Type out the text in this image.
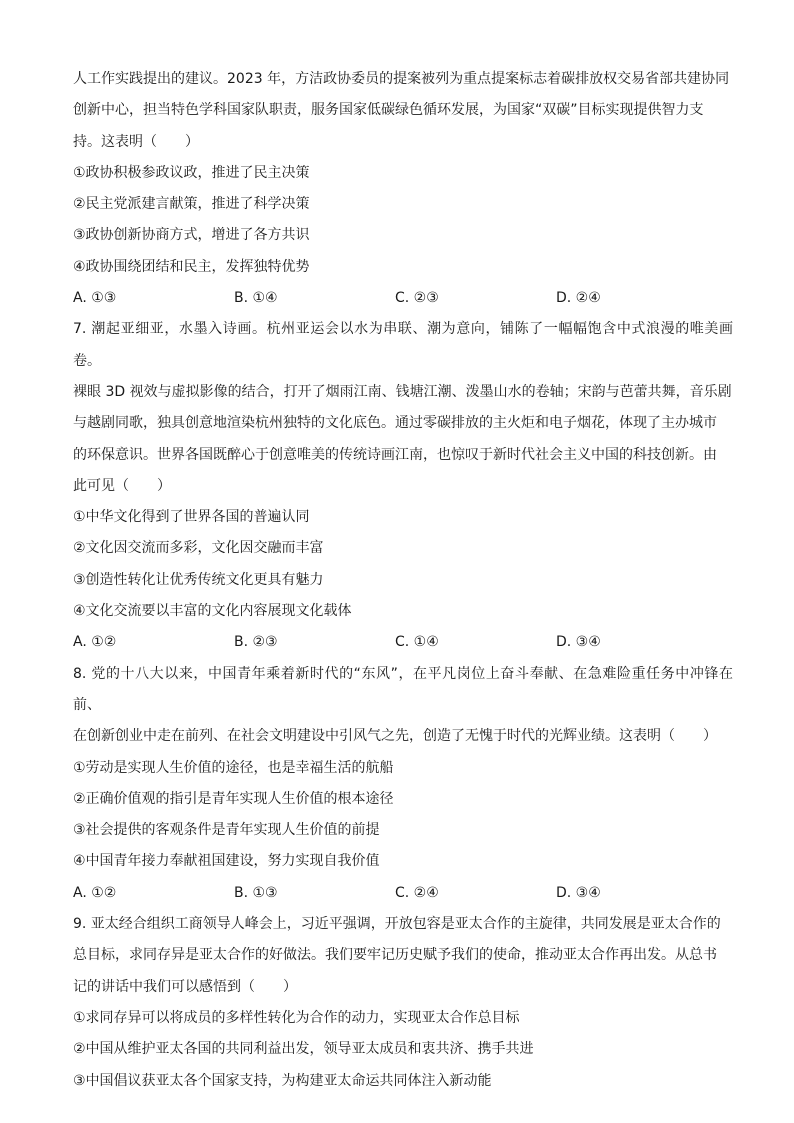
人工作实践提出的建议。2023 年，方洁政协委员的提案被列为重点提案标志着碳排放权交易省部共建协同

创新中心，担当特色学科国家队职责，服务国家低碳绿色循环发展，为国家“双碳”目标实现提供智力支

持。这表明（　　）

①政协积极参政议政，推进了民主决策

②民主党派建言献策，推进了科学决策

③政协创新协商方式，增进了各方共识

④政协围绕团结和民主，发挥独特优势

A. ①③	B. ①④	C. ②③	D. ②④

7. 潮起亚细亚，水墨入诗画。杭州亚运会以水为串联、潮为意向，铺陈了一幅幅饱含中式浪漫的唯美画卷。

裸眼 3D 视效与虚拟影像的结合，打开了烟雨江南、钱塘江潮、泼墨山水的卷轴；宋韵与芭蕾共舞，音乐剧

与越剧同歌，独具创意地渲染杭州独特的文化底色。通过零碳排放的主火炬和电子烟花，体现了主办城市

的环保意识。世界各国既醉心于创意唯美的传统诗画江南，也惊叹于新时代社会主义中国的科技创新。由

此可见（　　）

①中华文化得到了世界各国的普遍认同

②文化因交流而多彩，文化因交融而丰富

③创造性转化让优秀传统文化更具有魅力

④文化交流要以丰富的文化内容展现文化载体

A. ①②	B. ②③	C. ①④	D. ③④

8. 党的十八大以来，中国青年乘着新时代的“东风”，在平凡岗位上奋斗奉献、在急难险重任务中冲锋在前、

在创新创业中走在前列、在社会文明建设中引风气之先，创造了无愧于时代的光辉业绩。这表明（　　）

①劳动是实现人生价值的途径，也是幸福生活的航船

②正确价值观的指引是青年实现人生价值的根本途径

③社会提供的客观条件是青年实现人生价值的前提

④中国青年接力奉献祖国建设，努力实现自我价值

A. ①②	B. ①③	C. ②④	D. ③④

9. 亚太经合组织工商领导人峰会上，习近平强调，开放包容是亚太合作的主旋律，共同发展是亚太合作的

总目标，求同存异是亚太合作的好做法。我们要牢记历史赋予我们的使命，推动亚太合作再出发。从总书

记的讲话中我们可以感悟到（　　）

①求同存异可以将成员的多样性转化为合作的动力，实现亚太合作总目标

②中国从维护亚太各国的共同利益出发，领导亚太成员和衷共济、携手共进

③中国倡议获亚太各个国家支持，为构建亚太命运共同体注入新动能
